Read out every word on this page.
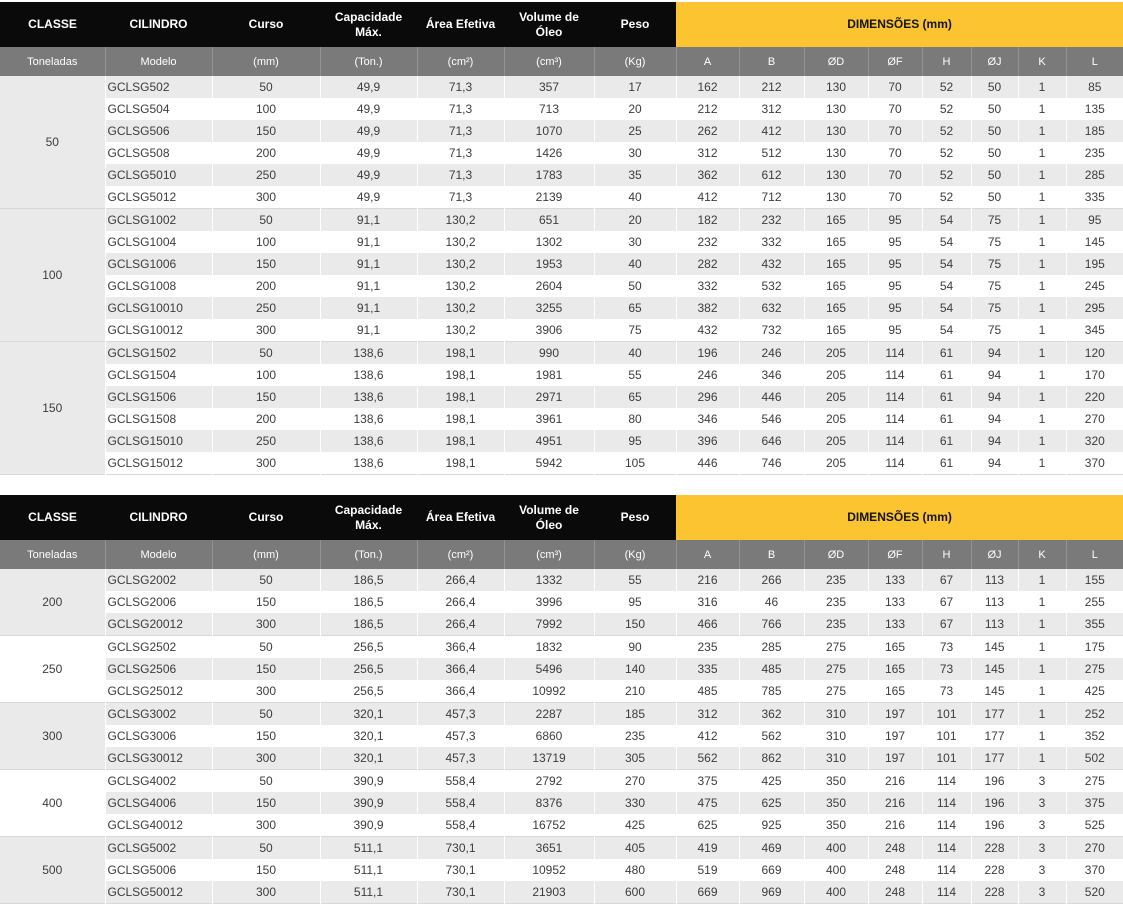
CLASSE	CILINDRO	Curso	Capacidade Máx.	Área Efetiva	Volume de Óleo	Peso	DIMENSÕES (mm)							
Toneladas	Modelo	(mm)	(Ton.)	(cm²)	(cm³)	(Kg)	A	B	ØD	ØF	H	ØJ	K	L
50	GCLSG502	50	49,9	71,3	357	17	162	212	130	70	52	50	1	85
	GCLSG504	100	49,9	71,3	713	20	212	312	130	70	52	50	1	135
	GCLSG506	150	49,9	71,3	1070	25	262	412	130	70	52	50	1	185
	GCLSG508	200	49,9	71,3	1426	30	312	512	130	70	52	50	1	235
	GCLSG5010	250	49,9	71,3	1783	35	362	612	130	70	52	50	1	285
	GCLSG5012	300	49,9	71,3	2139	40	412	712	130	70	52	50	1	335
100	GCLSG1002	50	91,1	130,2	651	20	182	232	165	95	54	75	1	95
	GCLSG1004	100	91,1	130,2	1302	30	232	332	165	95	54	75	1	145
	GCLSG1006	150	91,1	130,2	1953	40	282	432	165	95	54	75	1	195
	GCLSG1008	200	91,1	130,2	2604	50	332	532	165	95	54	75	1	245
	GCLSG10010	250	91,1	130,2	3255	65	382	632	165	95	54	75	1	295
	GCLSG10012	300	91,1	130,2	3906	75	432	732	165	95	54	75	1	345
150	GCLSG1502	50	138,6	198,1	990	40	196	246	205	114	61	94	1	120
	GCLSG1504	100	138,6	198,1	1981	55	246	346	205	114	61	94	1	170
	GCLSG1506	150	138,6	198,1	2971	65	296	446	205	114	61	94	1	220
	GCLSG1508	200	138,6	198,1	3961	80	346	546	205	114	61	94	1	270
	GCLSG15010	250	138,6	198,1	4951	95	396	646	205	114	61	94	1	320
	GCLSG15012	300	138,6	198,1	5942	105	446	746	205	114	61	94	1	370
CLASSE	CILINDRO	Curso	Capacidade Máx.	Área Efetiva	Volume de Óleo	Peso	DIMENSÕES (mm)							
Toneladas	Modelo	(mm)	(Ton.)	(cm²)	(cm³)	(Kg)	A	B	ØD	ØF	H	ØJ	K	L
200	GCLSG2002	50	186,5	266,4	1332	55	216	266	235	133	67	113	1	155
	GCLSG2006	150	186,5	266,4	3996	95	316	46	235	133	67	113	1	255
	GCLSG20012	300	186,5	266,4	7992	150	466	766	235	133	67	113	1	355
250	GCLSG2502	50	256,5	366,4	1832	90	235	285	275	165	73	145	1	175
	GCLSG2506	150	256,5	366,4	5496	140	335	485	275	165	73	145	1	275
	GCLSG25012	300	256,5	366,4	10992	210	485	785	275	165	73	145	1	425
300	GCLSG3002	50	320,1	457,3	2287	185	312	362	310	197	101	177	1	252
	GCLSG3006	150	320,1	457,3	6860	235	412	562	310	197	101	177	1	352
	GCLSG30012	300	320,1	457,3	13719	305	562	862	310	197	101	177	1	502
400	GCLSG4002	50	390,9	558,4	2792	270	375	425	350	216	114	196	3	275
	GCLSG4006	150	390,9	558,4	8376	330	475	625	350	216	114	196	3	375
	GCLSG40012	300	390,9	558,4	16752	425	625	925	350	216	114	196	3	525
500	GCLSG5002	50	511,1	730,1	3651	405	419	469	400	248	114	228	3	270
	GCLSG5006	150	511,1	730,1	10952	480	519	669	400	248	114	228	3	370
	GCLSG50012	300	511,1	730,1	21903	600	669	969	400	248	114	228	3	520
